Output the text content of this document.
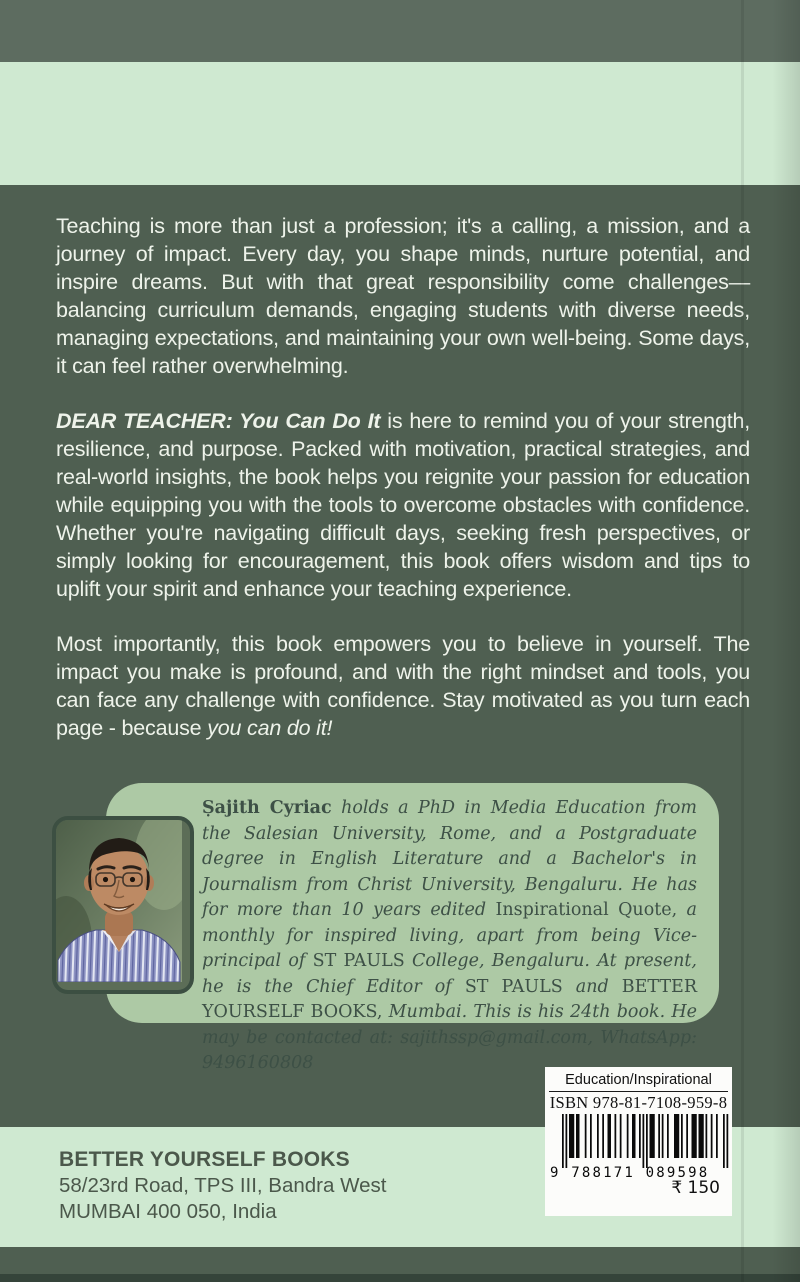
Teaching is more than just a profession; it's a calling, a mission, and a journey of impact. Every day, you shape minds, nurture potential, and inspire dreams. But with that great responsibility come challenges—balancing curriculum demands, engaging students with diverse needs, managing expectations, and maintaining your own well-being. Some days, it can feel rather overwhelming.

DEAR TEACHER: You Can Do It is here to remind you of your strength, resilience, and purpose. Packed with motivation, practical strategies, and real-world insights, the book helps you reignite your passion for education while equipping you with the tools to overcome obstacles with confidence. Whether you're navigating difficult days, seeking fresh perspectives, or simply looking for encouragement, this book offers wisdom and tips to uplift your spirit and enhance your teaching experience.

Most importantly, this book empowers you to believe in yourself. The impact you make is profound, and with the right mindset and tools, you can face any challenge with confidence. Stay motivated as you turn each page - because you can do it!

Ṣajith Cyriac holds a PhD in Media Education from the Salesian University, Rome, and a Postgraduate degree in English Literature and a Bachelor's in Journalism from Christ University, Bengaluru. He has for more than 10 years edited Inspirational Quote, a monthly for inspired living, apart from being Vice-principal of ST PAULS College, Bengaluru. At present, he is the Chief Editor of ST PAULS and BETTER YOURSELF BOOKS, Mumbai. This is his 24th book. He may be contacted at: sajithssp@gmail.com, WhatsApp: 9496160808

BETTER YOURSELF BOOKS
58/23rd Road, TPS III, Bandra West
MUMBAI 400 050, India
Education/Inspirational
ISBN 978-81-7108-959-8
9 788171 089598
₹ 150
